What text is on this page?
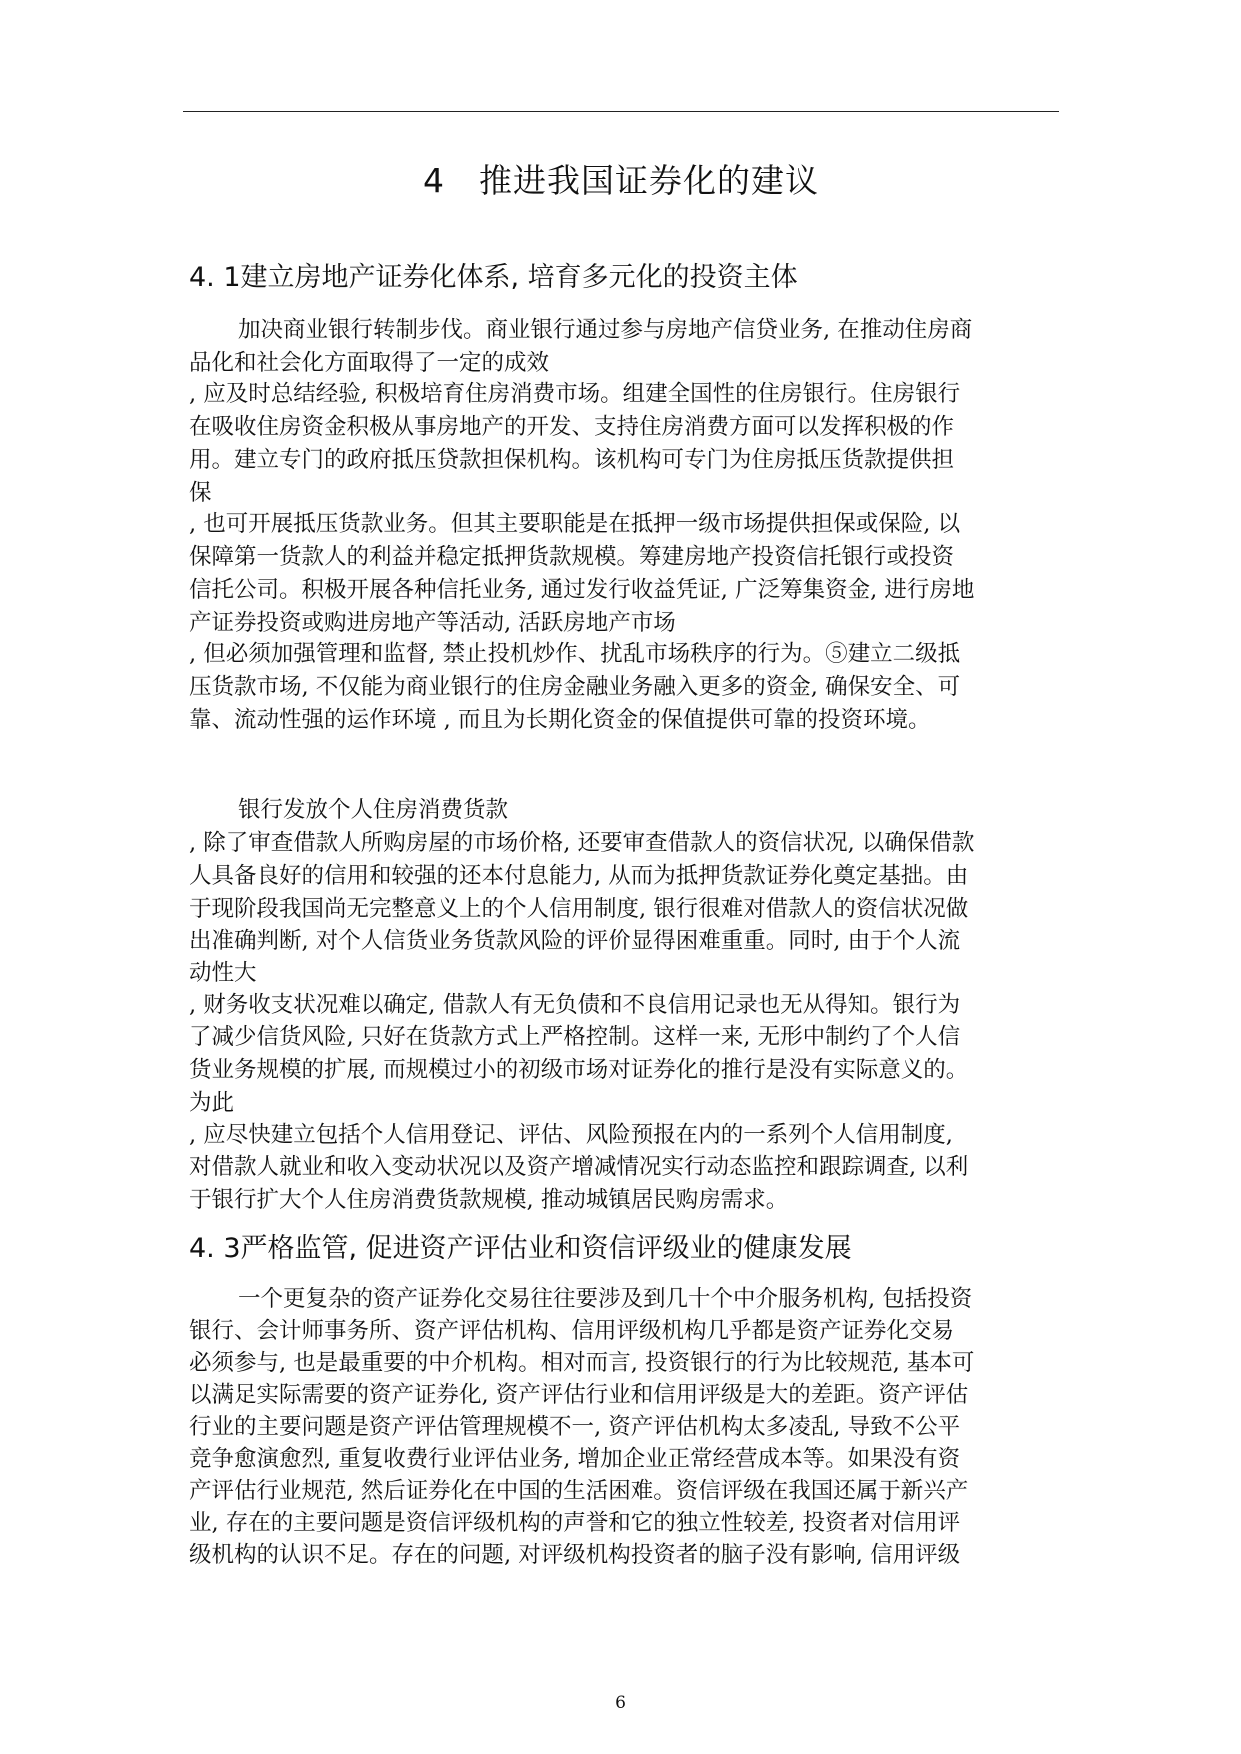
4　推进我国证券化的建议
4. 1建立房地产证券化体系, 培育多元化的投资主体
加决商业银行转制步伐。商业银行通过参与房地产信贷业务, 在推动住房商
品化和社会化方面取得了一定的成效
, 应及时总结经验, 积极培育住房消费市场。组建全国性的住房银行。住房银行
在吸收住房资金积极从事房地产的开发、支持住房消费方面可以发挥积极的作
用。建立专门的政府抵压贷款担保机构。该机构可专门为住房抵压货款提供担
保
, 也可开展抵压货款业务。但其主要职能是在抵押一级市场提供担保或保险, 以
保障第一货款人的利益并稳定抵押货款规模。筹建房地产投资信托银行或投资
信托公司。积极开展各种信托业务, 通过发行收益凭证, 广泛筹集资金, 进行房地
产证券投资或购进房地产等活动, 活跃房地产市场
, 但必须加强管理和监督, 禁止投机炒作、扰乱市场秩序的行为。⑤建立二级抵
压货款市场, 不仅能为商业银行的住房金融业务融入更多的资金, 确保安全、可
靠、流动性强的运作环境 , 而且为长期化资金的保值提供可靠的投资环境。
银行发放个人住房消费货款
, 除了审查借款人所购房屋的市场价格, 还要审查借款人的资信状况, 以确保借款
人具备良好的信用和较强的还本付息能力, 从而为抵押货款证券化奠定基拙。由
于现阶段我国尚无完整意义上的个人信用制度, 银行很难对借款人的资信状况做
出准确判断, 对个人信货业务货款风险的评价显得困难重重。同时, 由于个人流
动性大
, 财务收支状况难以确定, 借款人有无负债和不良信用记录也无从得知。银行为
了减少信货风险, 只好在货款方式上严格控制。这样一来, 无形中制约了个人信
货业务规模的扩展, 而规模过小的初级市场对证券化的推行是没有实际意义的。
为此
, 应尽快建立包括个人信用登记、评估、风险预报在内的一系列个人信用制度,
对借款人就业和收入变动状况以及资产增减情况实行动态监控和跟踪调查, 以利
于银行扩大个人住房消费货款规模, 推动城镇居民购房需求。
4. 3严格监管, 促进资产评估业和资信评级业的健康发展
一个更复杂的资产证券化交易往往要涉及到几十个中介服务机构, 包括投资
银行、会计师事务所、资产评估机构、信用评级机构几乎都是资产证券化交易
必须参与, 也是最重要的中介机构。相对而言, 投资银行的行为比较规范, 基本可
以满足实际需要的资产证券化, 资产评估行业和信用评级是大的差距。资产评估
行业的主要问题是资产评估管理规模不一, 资产评估机构太多凌乱, 导致不公平
竞争愈演愈烈, 重复收费行业评估业务, 增加企业正常经营成本等。如果没有资
产评估行业规范, 然后证券化在中国的生活困难。资信评级在我国还属于新兴产
业, 存在的主要问题是资信评级机构的声誉和它的独立性较差, 投资者对信用评
级机构的认识不足。存在的问题, 对评级机构投资者的脑子没有影响, 信用评级
6
